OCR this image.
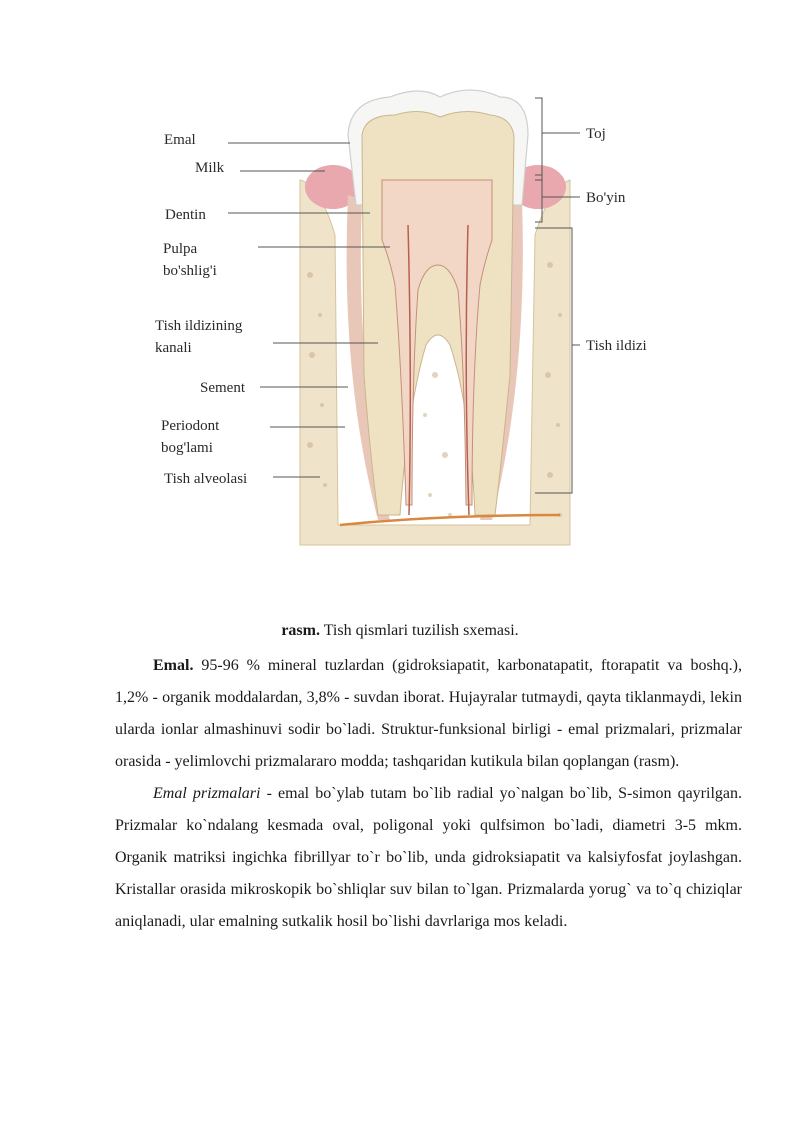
Emal
Milk
Dentin
Pulpa
bo'shlig'i
Tish ildizining
kanali
Sement
Periodont
bog'lami
Tish alveolasi
Toj
Bo'yin
Tish ildizi
rasm. Tish qismlari tuzilish sxemasi.

Emal. 95-96 % mineral tuzlardan (gidroksiapatit, karbonatapatit, ftorapatit va boshq.), 1,2% - organik moddalardan, 3,8% - suvdan iborat. Hujayralar tutmaydi, qayta tiklanmaydi, lekin ularda ionlar almashinuvi sodir bo`ladi. Struktur-funksional birligi - emal prizmalari, prizmalar orasida - yelimlovchi prizmalararo modda; tashqaridan kutikula bilan qoplangan (rasm).

Emal prizmalari - emal bo`ylab tutam bo`lib radial yo`nalgan bo`lib, S-simon qayrilgan. Prizmalar ko`ndalang kesmada oval, poligonal yoki qulfsimon bo`ladi, diametri 3-5 mkm. Organik matriksi ingichka fibrillyar to`r bo`lib, unda gidroksiapatit va kalsiyfosfat joylashgan. Kristallar orasida mikroskopik bo`shliqlar suv bilan to`lgan. Prizmalarda yorug` va to`q chiziqlar aniqlanadi, ular emalning sutkalik hosil bo`lishi davrlariga mos keladi.
